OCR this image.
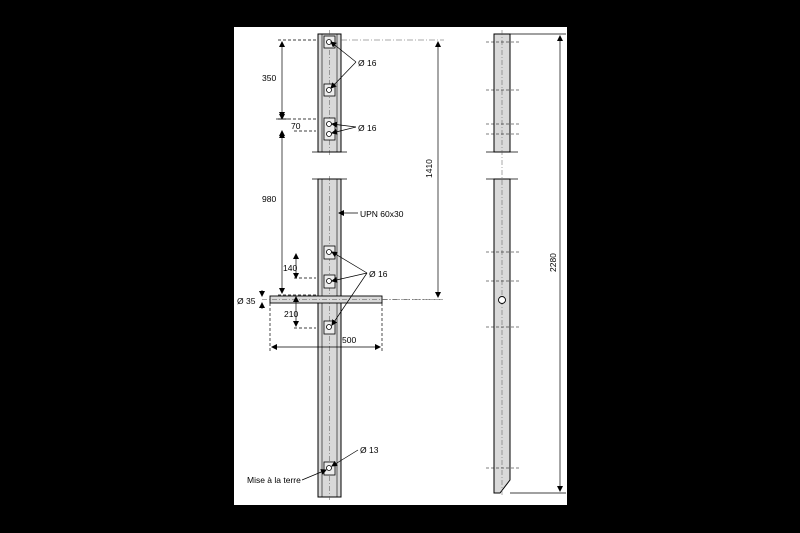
350
70
980
140
210
500
Ø 35
1410
2280
Ø 16
Ø 16
Ø 16
Ø 13
UPN 60x30
Mise à la terre
